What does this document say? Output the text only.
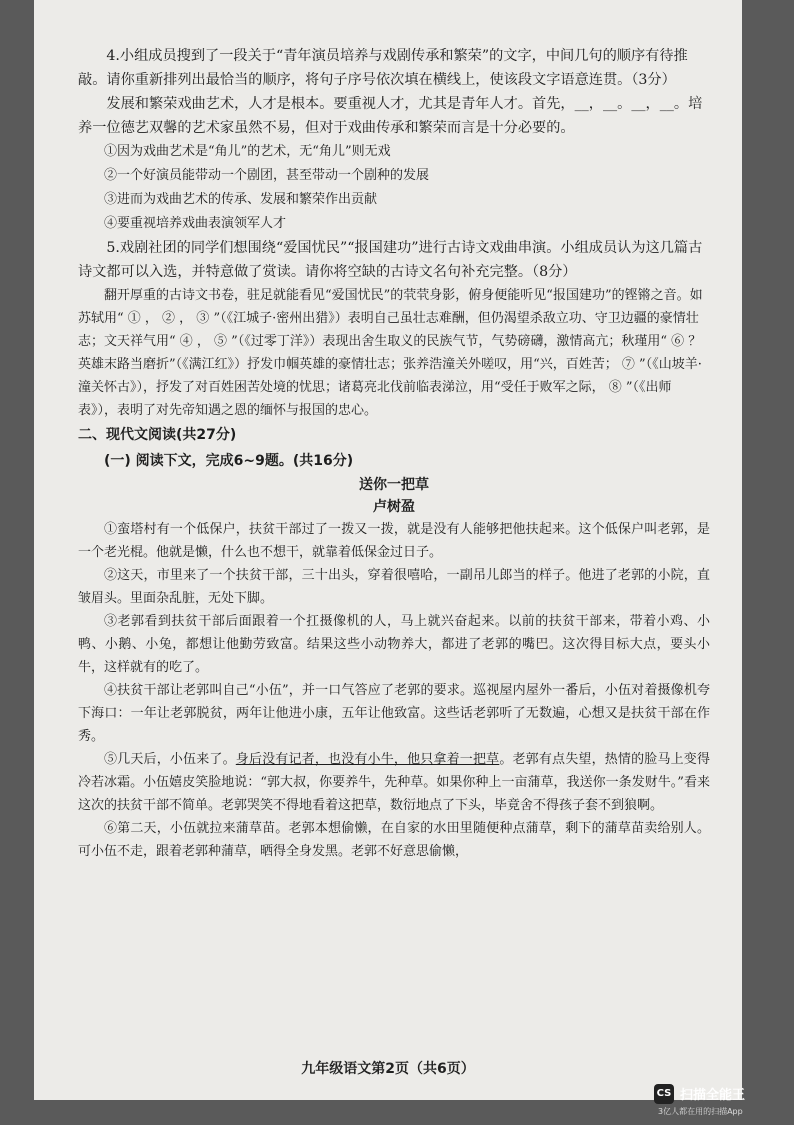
4.小组成员搜到了一段关于“青年演员培养与戏剧传承和繁荣”的文字，中间几句的顺序有待推敲。请你重新排列出最恰当的顺序，将句子序号依次填在横线上，使该段文字语意连贯。（3分）

发展和繁荣戏曲艺术，人才是根本。要重视人才，尤其是青年人才。首先，__，__。__，__。培养一位德艺双馨的艺术家虽然不易，但对于戏曲传承和繁荣而言是十分必要的。

①因为戏曲艺术是“角儿”的艺术，无“角儿”则无戏

②一个好演员能带动一个剧团，甚至带动一个剧种的发展

③进而为戏曲艺术的传承、发展和繁荣作出贡献

④要重视培养戏曲表演领军人才

5.戏剧社团的同学们想围绕“爱国忧民”“报国建功”进行古诗文戏曲串演。小组成员认为这几篇古诗文都可以入选，并特意做了赏读。请你将空缺的古诗文名句补充完整。（8分）

翻开厚重的古诗文书卷，驻足就能看见“爱国忧民”的茕茕身影，俯身便能听见“报国建功”的铿锵之音。如苏轼用“ ① ， ② ， ③ ”（《江城子·密州出猎》）表明自己虽壮志难酬，但仍渴望杀敌立功、守卫边疆的豪情壮志；文天祥气用“ ④ ， ⑤ ”（《过零丁洋》）表现出舍生取义的民族气节，气势磅礴，激情高亢；秋瑾用“ ⑥ ？英雄末路当磨折”（《满江红》）抒发巾帼英雄的豪情壮志；张养浩潼关外嗟叹，用“兴，百姓苦； ⑦ ”（《山坡羊·潼关怀古》），抒发了对百姓困苦处境的忧思；诸葛亮北伐前临表涕泣，用“受任于败军之际， ⑧ ”（《出师表》），表明了对先帝知遇之恩的缅怀与报国的忠心。

二、现代文阅读(共27分)

(一) 阅读下文，完成6~9题。(共16分)

送你一把草

卢树盈

①蛮塔村有一个低保户，扶贫干部过了一拨又一拨，就是没有人能够把他扶起来。这个低保户叫老郭，是一个老光棍。他就是懒，什么也不想干，就靠着低保金过日子。

②这天，市里来了一个扶贫干部，三十出头，穿着很嘻哈，一副吊儿郎当的样子。他进了老郭的小院，直皱眉头。里面杂乱脏，无处下脚。

③老郭看到扶贫干部后面跟着一个扛摄像机的人，马上就兴奋起来。以前的扶贫干部来，带着小鸡、小鸭、小鹅、小兔，都想让他勤劳致富。结果这些小动物养大，都进了老郭的嘴巴。这次得目标大点，要头小牛，这样就有的吃了。

④扶贫干部让老郭叫自己“小伍”，并一口气答应了老郭的要求。巡视屋内屋外一番后，小伍对着摄像机夸下海口：一年让老郭脱贫，两年让他进小康，五年让他致富。这些话老郭听了无数遍，心想又是扶贫干部在作秀。

⑤几天后，小伍来了。身后没有记者，也没有小牛，他只拿着一把草。老郭有点失望，热情的脸马上变得冷若冰霜。小伍嬉皮笑脸地说：“郭大叔，你要养牛，先种草。如果你种上一亩蒲草，我送你一条发财牛。”看来这次的扶贫干部不简单。老郭哭笑不得地看着这把草，数衍地点了下头，毕竟舍不得孩子套不到狼啊。

⑥第二天，小伍就拉来蒲草苗。老郭本想偷懒，在自家的水田里随便种点蒲草，剩下的蒲草苗卖给别人。可小伍不走，跟着老郭种蒲草，晒得全身发黑。老郭不好意思偷懒，

九年级语文第2页（共6页）
CS 扫描全能王
3亿人都在用的扫描App
